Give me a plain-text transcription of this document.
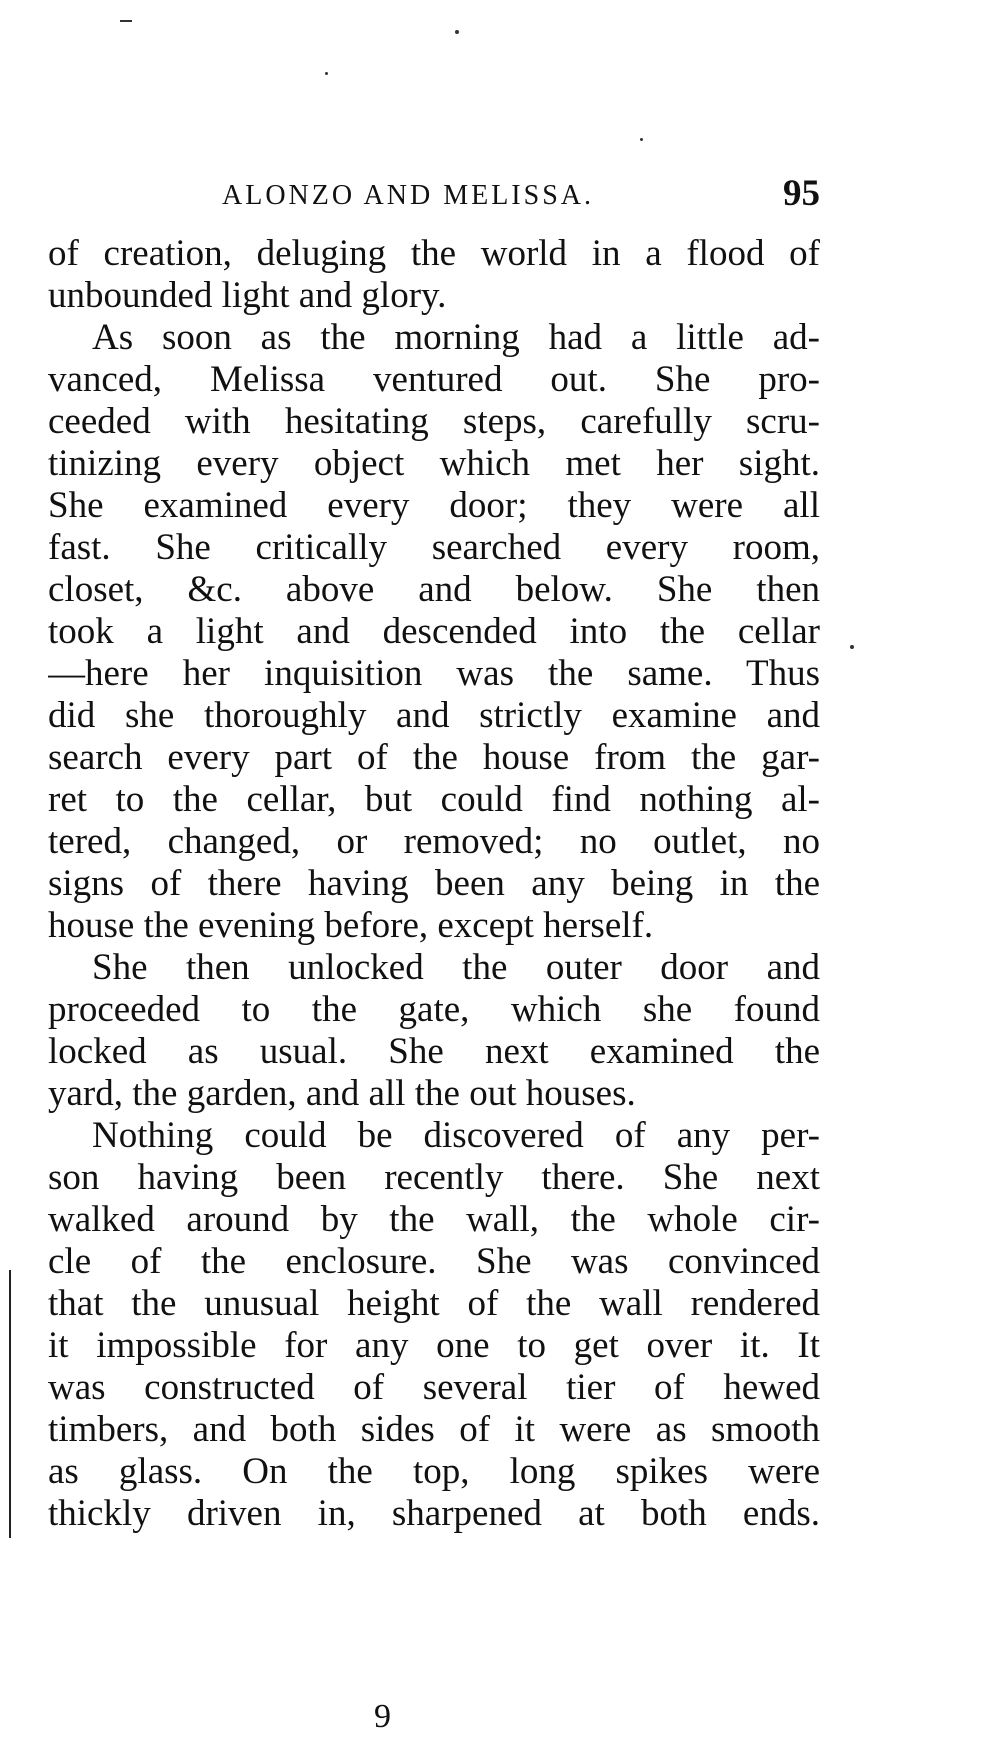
ALONZO AND MELISSA.	95
of creation, deluging the world in a flood of
unbounded light and glory.
As soon as the morning had a little ad-
vanced, Melissa ventured out. She pro-
ceeded with hesitating steps, carefully scru-
tinizing every object which met her sight.
She examined every door; they were all
fast. She critically searched every room,
closet, &c. above and below. She then
took a light and descended into the cellar
—here her inquisition was the same. Thus
did she thoroughly and strictly examine and
search every part of the house from the gar-
ret to the cellar, but could find nothing al-
tered, changed, or removed; no outlet, no
signs of there having been any being in the
house the evening before, except herself.
She then unlocked the outer door and
proceeded to the gate, which she found
locked as usual. She next examined the
yard, the garden, and all the out houses.
Nothing could be discovered of any per-
son having been recently there. She next
walked around by the wall, the whole cir-
cle of the enclosure. She was convinced
that the unusual height of the wall rendered
it impossible for any one to get over it. It
was constructed of several tier of hewed
timbers, and both sides of it were as smooth
as glass. On the top, long spikes were
thickly driven in, sharpened at both ends.
9
